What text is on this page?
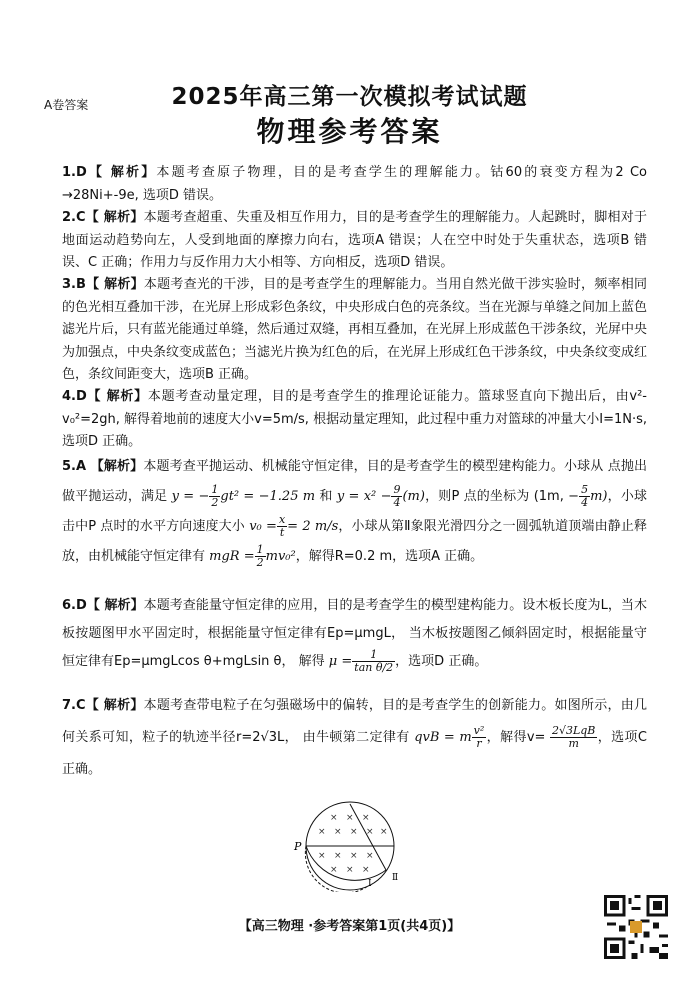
A卷答案	2025年高三第一次模拟考试试题
物理参考答案
1.D【 解析】本题考查原子物理，目的是考查学生的理解能力。钴60的衰变方程为2 Co →28Ni+-9e, 选项D 错误。
2.C【 解析】本题考查超重、失重及相互作用力，目的是考查学生的理解能力。人起跳时，脚相对于地面运动趋势向左，人受到地面的摩擦力向右，选项A 错误；人在空中时处于失重状态，选项B 错误、C 正确；作用力与反作用力大小相等、方向相反，选项D 错误。
3.B【 解析】本题考查光的干涉，目的是考查学生的理解能力。当用自然光做干涉实验时，频率相同的色光相互叠加干涉，在光屏上形成彩色条纹，中央形成白色的亮条纹。当在光源与单缝之间加上蓝色滤光片后，只有蓝光能通过单缝，然后通过双缝，再相互叠加，在光屏上形成蓝色干涉条纹，光屏中央为加强点，中央条纹变成蓝色；当滤光片换为红色的后，在光屏上形成红色干涉条纹，中央条纹变成红色，条纹间距变大，选项B 正确。
4.D【 解析】本题考查动量定理，目的是考查学生的推理论证能力。篮球竖直向下抛出后，由v²-v₀²=2gh, 解得着地前的速度大小v=5m/s, 根据动量定理知，此过程中重力对篮球的冲量大小I=1N·s, 选项D 正确。
5.A 【解析】本题考查平抛运动、机械能守恒定律，目的是考查学生的模型建构能力。小球从 点抛出做平抛运动，满足 y = − $\frac{1}{2} gt^2 = -1.25$ m 和 $y = x^2 - \frac{9}{4} (m)$，则P 点的坐标为 (1m, − $\frac{5}{4} m$)，小球击中P 点时的水平方向速度大小 $v_0 = \frac{x}{t} = 2$ m/s，小球从第Ⅱ象限光滑四分之一圆弧轨道顶端由静止释放，由机械能守恒定律有 mgR = $\frac{1}{2} mv_0^2$，解得R=0.2 m，选项A 正确。
6.D【 解析】本题考查能量守恒定律的应用，目的是考查学生的模型建构能力。设木板长度为L，当木板按题图甲水平固定时，根据能量守恒定律有Ep=μmgL， 当木板按题图乙倾斜固定时，根据能量守恒定律有Ep=μmgLcos θ+mgLsin θ， 解得 $\mu = \frac{1}{\text{tan θ/2}}$ ，选项D 正确。
7.C【 解析】本题考查带电粒子在匀强磁场中的偏转，目的是考查学生的创新能力。如图所示，由几何关系可知，粒子的轨迹半径r=2√3L， 由牛顿第二定律有 qvB = m $\frac{\text{v²}}{r}$ ，解得$v= \frac{\text{2√3LqB}}{m}$ ，选项C 正确。
× × ×
× × × × ×
× × × ×
× × ×
P
Ⅰ
Ⅱ
【高三物理 ·参考答案第1页(共4页)】
